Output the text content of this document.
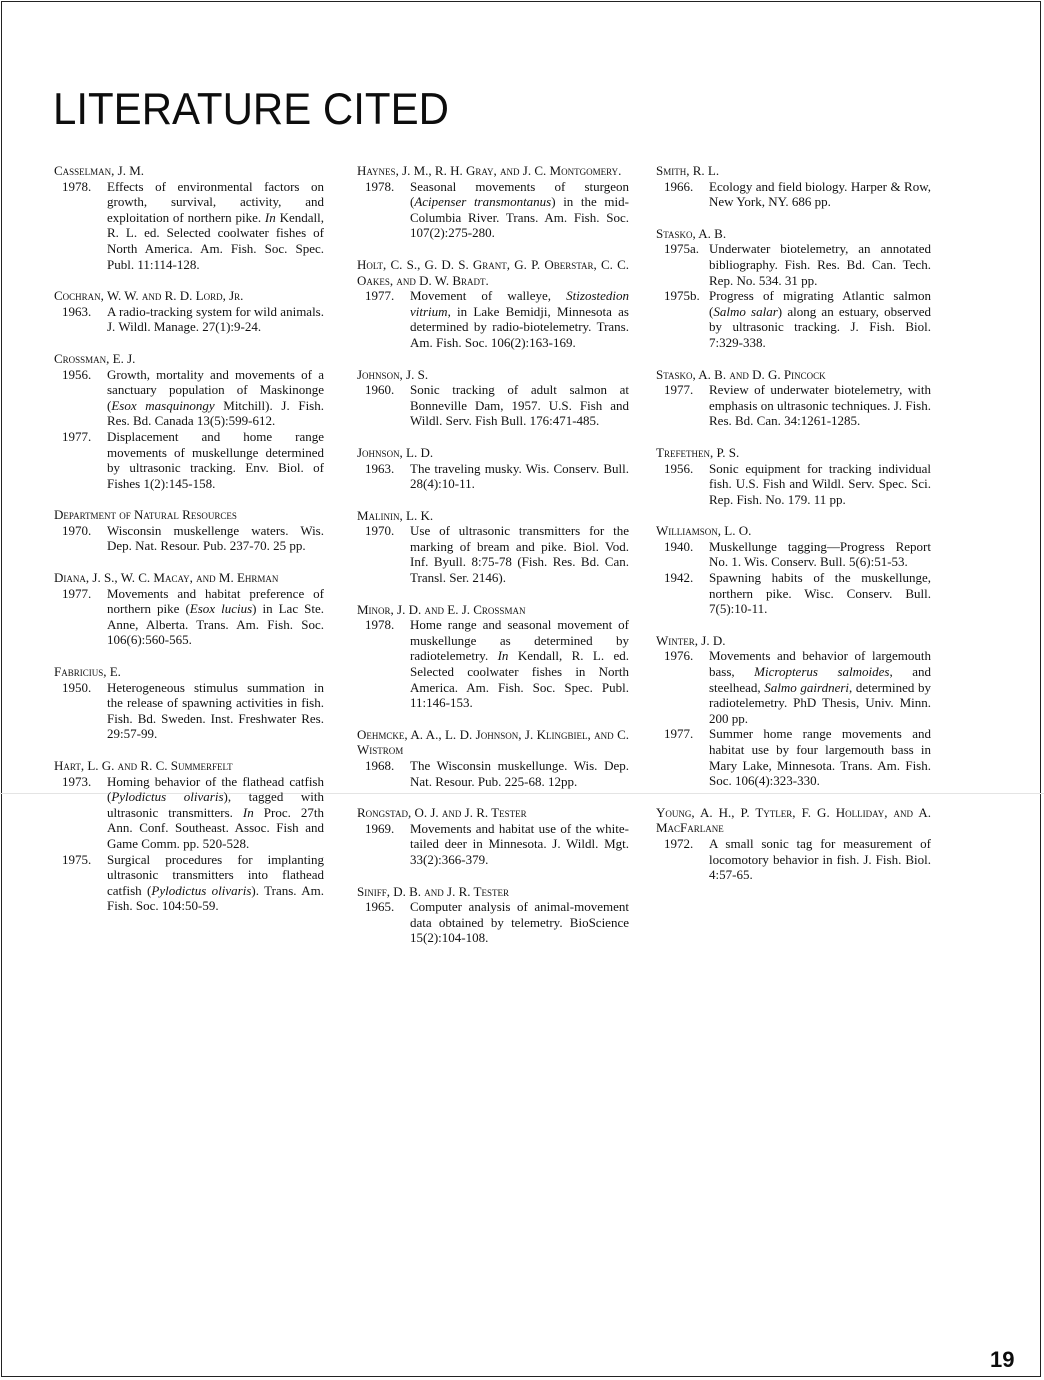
LITERATURE CITED
Casselman, J. M.
1978.	Effects of environmental factors on growth, survival, activity, and exploitation of northern pike. In Kendall, R. L. ed. Selected coolwater fishes of North America. Am. Fish. Soc. Spec. Publ. 11:114-128.
Cochran, W. W. and R. D. Lord, Jr.
1963.	A radio-tracking system for wild animals. J. Wildl. Manage. 27(1):9-24.
Crossman, E. J.
1956.	Growth, mortality and movements of a sanctuary population of Maskinonge (Esox masquinongy Mitchill). J. Fish. Res. Bd. Canada 13(5):599-612.
1977.	Displacement and home range movements of muskellunge determined by ultrasonic tracking. Env. Biol. of Fishes 1(2):145-158.
Department of Natural Resources
1970.	Wisconsin muskellenge waters. Wis. Dep. Nat. Resour. Pub. 237-70. 25 pp.
Diana, J. S., W. C. Macay, and M. Ehrman
1977.	Movements and habitat preference of northern pike (Esox lucius) in Lac Ste. Anne, Alberta. Trans. Am. Fish. Soc. 106(6):560-565.
Fabricius, E.
1950.	Heterogeneous stimulus summation in the release of spawning activities in fish. Fish. Bd. Sweden. Inst. Freshwater Res. 29:57-99.
Hart, L. G. and R. C. Summerfelt
1973.	Homing behavior of the flathead catfish (Pylodictus olivaris), tagged with ultrasonic transmitters. In Proc. 27th Ann. Conf. Southeast. Assoc. Fish and Game Comm. pp. 520-528.
1975.	Surgical procedures for implanting ultrasonic transmitters into flathead catfish (Pylodictus olivaris). Trans. Am. Fish. Soc. 104:50-59.
Haynes, J. M., R. H. Gray, and J. C. Montgomery.
1978.	Seasonal movements of sturgeon (Acipenser transmontanus) in the mid-Columbia River. Trans. Am. Fish. Soc. 107(2):275-280.
Holt, C. S., G. D. S. Grant, G. P. Oberstar, C. C. Oakes, and D. W. Bradt.
1977.	Movement of walleye, Stizostedion vitrium, in Lake Bemidji, Minnesota as determined by radio-biotelemetry. Trans. Am. Fish. Soc. 106(2):163-169.
Johnson, J. S.
1960.	Sonic tracking of adult salmon at Bonneville Dam, 1957. U.S. Fish and Wildl. Serv. Fish Bull. 176:471-485.
Johnson, L. D.
1963.	The traveling musky. Wis. Conserv. Bull. 28(4):10-11.
Malinin, L. K.
1970.	Use of ultrasonic transmitters for the marking of bream and pike. Biol. Vod. Inf. Byull. 8:75-78 (Fish. Res. Bd. Can. Transl. Ser. 2146).
Minor, J. D. and E. J. Crossman
1978.	Home range and seasonal movement of muskellunge as determined by radiotelemetry. In Kendall, R. L. ed. Selected coolwater fishes in North America. Am. Fish. Soc. Spec. Publ. 11:146-153.
Oehmcke, A. A., L. D. Johnson, J. Klingbiel, and C. Wistrom
1968.	The Wisconsin muskellunge. Wis. Dep. Nat. Resour. Pub. 225-68. 12pp.
Rongstad, O. J. and J. R. Tester
1969.	Movements and habitat use of the white-tailed deer in Minnesota. J. Wildl. Mgt. 33(2):366-379.
Siniff, D. B. and J. R. Tester
1965.	Computer analysis of animal-movement data obtained by telemetry. BioScience 15(2):104-108.
Smith, R. L.
1966.	Ecology and field biology. Harper & Row, New York, NY. 686 pp.
Stasko, A. B.
1975a. Underwater biotelemetry, an annotated bibliography. Fish. Res. Bd. Can. Tech. Rep. No. 534. 31 pp.
1975b. Progress of migrating Atlantic salmon (Salmo salar) along an estuary, observed by ultrasonic tracking. J. Fish. Biol. 7:329-338.
Stasko, A. B. and D. G. Pincock
1977.	Review of underwater biotelemetry, with emphasis on ultrasonic techniques. J. Fish. Res. Bd. Can. 34:1261-1285.
Trefethen, P. S.
1956.	Sonic equipment for tracking individual fish. U.S. Fish and Wildl. Serv. Spec. Sci. Rep. Fish. No. 179. 11 pp.
Williamson, L. O.
1940.	Muskellunge tagging—Progress Report No. 1. Wis. Conserv. Bull. 5(6):51-53.
1942.	Spawning habits of the muskellunge, northern pike. Wisc. Conserv. Bull. 7(5):10-11.
Winter, J. D.
1976.	Movements and behavior of largemouth bass, Micropterus salmoides, and steelhead, Salmo gairdneri, determined by radiotelemetry. PhD Thesis, Univ. Minn. 200 pp.
1977.	Summer home range movements and habitat use by four largemouth bass in Mary Lake, Minnesota. Trans. Am. Fish. Soc. 106(4):323-330.
Young, A. H., P. Tytler, F. G. Holliday, and A. MacFarlane
1972.	A small sonic tag for measurement of locomotory behavior in fish. J. Fish. Biol. 4:57-65.
19
